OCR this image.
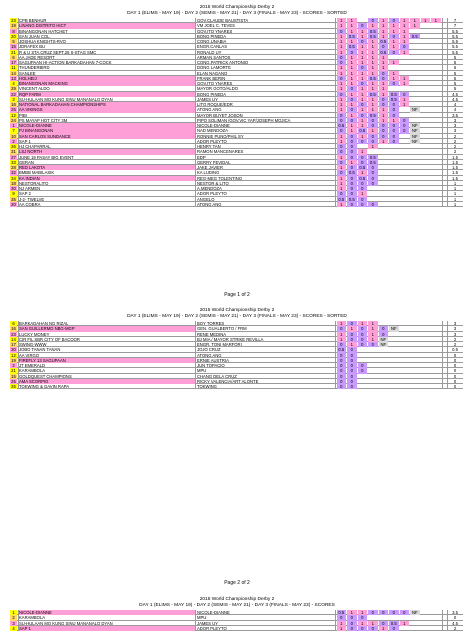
2015 World Championship Derby 2
DAY 1 (ELIMS - MAY 19) - DAY 2 (SEMIS - MAY 21) - DAY 3 (FINALS - MAY 23) - SCORES - SORTED
23 CPB BENHUR	GOV.CLAUDE BAUSTISTA	1	1	0	1	0	1	1	1	1	7
19 LINANG DISTRITO HICT	VM JOEL C. TEVES	1	1	0	1	1	1	1	1	7
8	BINANGONAN HATCHET	GOV.ITO YNARES	0	1	1	0.5	1	1	1	5.5
20 SAN JUAN COL.	BONG PINEDA	1	0.5	1	0.5	1	0	1	0.5	5.5
5	JOSHUA KNIGHTS-RVO	CONG.UNABIA	1	1	0	1	0.5	1	1	5.5
15 JDRAFEX BU	ENGR.CANLAS	1	0.5	1	1	0	1	0	5.5
21 R & U STA.CRUZ SEPT.26 S-STAG SMC	RONALD UY	1	0	1	1	0.5	0	1	5.5
6	AA JADE RESORT	ARMAN SANTOS	0	1	1	1	1	5
17 SAGUPAAN HI-ACTION BARKADAHAN 7-COCK	CONG.PATRICK ANTONIO	0	1	1	1	1	1	5
11 THUNDERBIRD	DONG LAMORTE	1	1	0	1	1	5
14 SANLEE	ELAN NAGANO	1	1	1	1	0	1	5
13 HOLHEIJ	FRANK BERIN	0	1	1	0.5	0	1	1	5
4	BINANGONAN MACKING	GOV.ITO YNARES	1	1	0	1	1	0	1	5
29 VINCENT ALDO	MAYOR GOTO/ALDO	1	0	1	1	1	5
22 RQP FARM	BONG PINEDA	0	1	1	0.5	1	0.5	0	4.5
3	SU-HULAAN MO KUNG SINU MANANALO DYAN	JAMES UY	1	0	1	1	0	0.5	1	4.5
16 NATIONAL BARKADAHAN CHAMPIONSHIPS	LITO ROQUE/EDR	1	1	0	1	0	0	1	4
25 AA VIKINGS	ATONG ANG	1	0	1	1	1	0	NF	4
12 PIBI	MAYOR BUYET JOSON	0	1	0	0.5	1	0	3.5
24 PS MAYAP HOT CITY 3M	PIPO SOLIMAN /GOV.VIC YAP/JOSEPH MOJICA	0	0	1	0	1	1	0	3
1	NICOLE-DIANNE	NICOLE-DIANNE	0.5	1	1	0	0	0	0	NF	3
7	PJ BINANGONAN	NAD MENDOZA	0	1	0.5	1	0	0	0	NF	3
10 SAN CARLOS SUNDANCE	RONNIE PUNO/PHIL SY	1	0	1	0	0	0	NF	2
2	SAP 1	ADOR PLEYTO	1	0	0	0	1	0	NF	2
26 HJ CHAPARRAL	HENRY TAN	0	0	1	2
31 LSJ NORTH	RAMON MANCENARES	0	0	1	2
27 JUNE 19 PASAY BIG EVENT	EDP	1	0	0	0.5	1.5
33 GERAN	GERRY FEVIDAL	0	1	0	0.5	1.5
28 RED LAKOTA	JAKE JAVIER	1	0	0.5	0	1.5
32 BMBB MABILASIK	KA LUDING	0	0.5	1	0	1.5
34 KA INDIAN	REG-MEG TOLENTINO	1	0	0.5	0	1.5
18 NESTORALITO	NESTOR & LITO	1	0	0	0	1
30 NJ ARMEN	A.MENDOZA	1	0	0	1
9	SAP 2	ADOR PLEYTO	0	0	1	1
35 J-2- TWELVE	ANGELO	0.5	0.5	0	1
20 AA COBRA	ATONG ANG	1	0	0	0	1
Page 1 of 2
2015 World Championship Derby 2
DAY 1 (ELIMS - MAY 19) - DAY 2 (SEMIS - MAY 21) - DAY 3 (FINALS - MAY 23) - SCORES - SORTED
6	BARKADAHAN NG RIZAL	BOY TORRES	1	0	1	1	3
16 SAN GUILLERMO NBG-MGP	GEN. GUALBERTO / FRM	0	1	0	1	0	NF	3
23 LUCKY MONEY	RENE MEDINA	1	0	0	1	0	3
14 CIR FIL SBR CITY OF BACOOR	BJ MIA / MAYOR STRIKE REVILLA	1	0	0	1	NF	2
17 SWING-WWW	ENGR. TONI MARFORI	0	1	0	0	NF	2
30 JOBO TANAN TANAN	JOJO CRUZ	0.5	0	0.5
12 AA VIRGO	ATONG ANG	0	0	0
19 FIREFLY 13 SAGUPAAN	ERNIE AUSTRIA	0	0	0
2	JT EMERALD	JUN TOPACIO	0	0	0	0
21 KARAMBOLA	MPU	0	0	0	0
15 GOLDQUEST CHAMPIONS	CHANG DELA CRUZ	0	0	0
25 AMA SCORPIO	RICKY VALENCIA/ART ALONTE	0	0	0
26 TOKWING & GAVIN RAPA	TOKWING	0	0	0
Page 2 of 2
2015 World Championship Derby 2
DAY 1 (ELIMS - MAY 19) - DAY 2 (SEMIS - MAY 21) - DAY 3 (FINALS - MAY 23) - SCORES
1	NICOLE-DIANNE	NICOLE-DIANNE	0.5	1	1	0	0	0	0	NF	3.5
2	KARAMBOLA	MPU	0	0	0	0
3	SU-HULAAN MO KUNG SINU MANANALO DYAN	JAMES UY	1	0	1	1	0	0.5	1	4.5
4	SAP 1	ADOR PLEYTO	1	0	0	0	1	0	2
